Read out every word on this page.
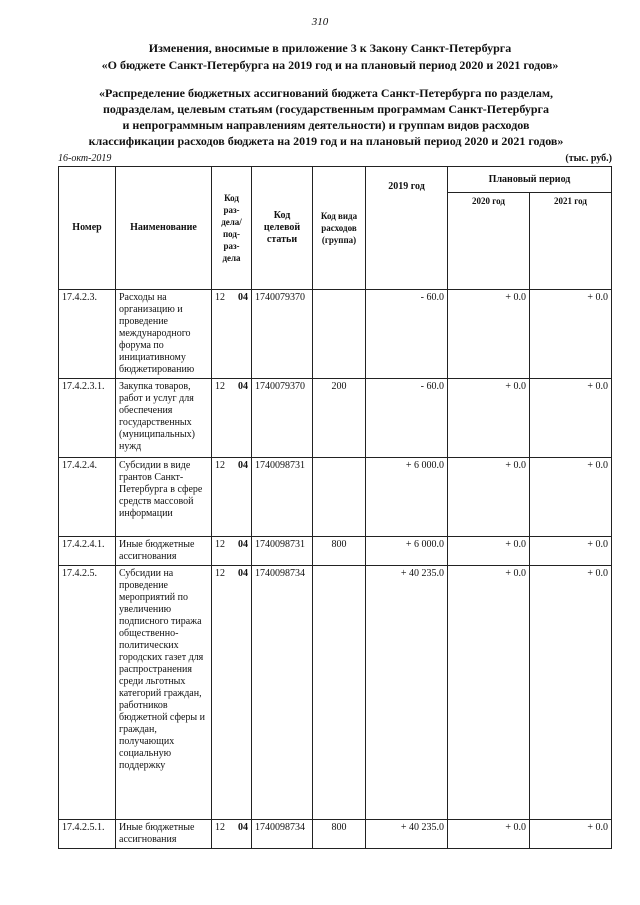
310
Изменения, вносимые в приложение 3 к Закону Санкт-Петербурга
«О бюджете Санкт-Петербурга на 2019 год и на плановый период 2020 и 2021 годов»
«Распределение бюджетных ассигнований бюджета Санкт-Петербурга по разделам,
подразделам, целевым статьям (государственным программам Санкт-Петербурга
и непрограммным направлениям деятельности) и группам видов расходов
классификации расходов бюджета на 2019 год и на плановый период 2020 и 2021 годов»
16-окт-2019	(тыс. руб.)
Номер	Наименование	Код раз-дела/ под-раз-дела	Код целевой статьи	Код вида расходов (группа)	2019 год	Плановый период	
						2020 год	2021 год
17.4.2.3.	Расходы на организацию и проведение международного форума по инициативному бюджетированию	12 04	1740079370		- 60.0	+ 0.0	+ 0.0
17.4.2.3.1.	Закупка товаров, работ и услуг для обеспечения государственных (муниципальных) нужд	12 04	1740079370	200	- 60.0	+ 0.0	+ 0.0
17.4.2.4.	Субсидии в виде грантов Санкт-Петербурга в сфере средств массовой информации	12 04	1740098731		+ 6 000.0	+ 0.0	+ 0.0
17.4.2.4.1.	Иные бюджетные ассигнования	12 04	1740098731	800	+ 6 000.0	+ 0.0	+ 0.0
17.4.2.5.	Субсидии на проведение мероприятий по увеличению подписного тиража общественно-политических городских газет для распространения среди льготных категорий граждан, работников бюджетной сферы и граждан, получающих социальную поддержку	12 04	1740098734		+ 40 235.0	+ 0.0	+ 0.0
17.4.2.5.1.	Иные бюджетные ассигнования	12 04	1740098734	800	+ 40 235.0	+ 0.0	+ 0.0
